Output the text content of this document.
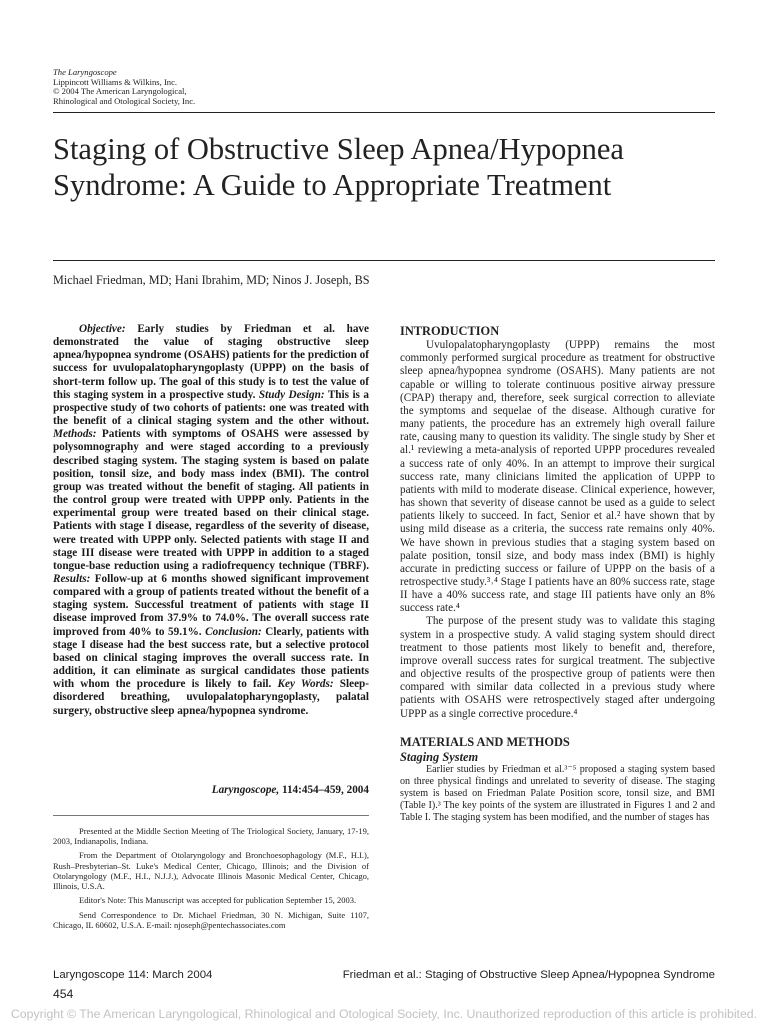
The Laryngoscope
Lippincott Williams & Wilkins, Inc.
© 2004 The American Laryngological,
Rhinological and Otological Society, Inc.
Staging of Obstructive Sleep Apnea/Hypopnea Syndrome: A Guide to Appropriate Treatment
Michael Friedman, MD; Hani Ibrahim, MD; Ninos J. Joseph, BS

Objective: Early studies by Friedman et al. have demonstrated the value of staging obstructive sleep apnea/hypopnea syndrome (OSAHS) patients for the prediction of success for uvulopalatopharyngoplasty (UPPP) on the basis of short-term follow up. The goal of this study is to test the value of this staging system in a prospective study. Study Design: This is a prospective study of two cohorts of patients: one was treated with the benefit of a clinical staging system and the other without. Methods: Patients with symptoms of OSAHS were assessed by polysomnography and were staged according to a previously described staging system. The staging system is based on palate position, tonsil size, and body mass index (BMI). The control group was treated without the benefit of staging. All patients in the control group were treated with UPPP only. Patients in the experimental group were treated based on their clinical stage. Patients with stage I disease, regardless of the severity of disease, were treated with UPPP only. Selected patients with stage II and stage III disease were treated with UPPP in addition to a staged tongue-base reduction using a radiofrequency technique (TBRF). Results: Follow-up at 6 months showed significant improvement compared with a group of patients treated without the benefit of a staging system. Successful treatment of patients with stage II disease improved from 37.9% to 74.0%. The overall success rate improved from 40% to 59.1%. Conclusion: Clearly, patients with stage I disease had the best success rate, but a selective protocol based on clinical staging improves the overall success rate. In addition, it can eliminate as surgical candidates those patients with whom the procedure is likely to fail. Key Words: Sleep-disordered breathing, uvulopalatopharyngoplasty, palatal surgery, obstructive sleep apnea/hypopnea syndrome.

Laryngoscope, 114:454–459, 2004

Presented at the Middle Section Meeting of The Triological Society, January, 17-19, 2003, Indianapolis, Indiana.

From the Department of Otolaryngology and Bronchoesophagology (M.F., H.I.), Rush–Presbyterian–St. Luke's Medical Center, Chicago, Illinois; and the Division of Otolaryngology (M.F., H.I., N.J.J.), Advocate Illinois Masonic Medical Center, Chicago, Illinois, U.S.A.

Editor's Note: This Manuscript was accepted for publication September 15, 2003.

Send Correspondence to Dr. Michael Friedman, 30 N. Michigan, Suite 1107, Chicago, IL 60602, U.S.A. E-mail: njoseph@pentechassociates.com

INTRODUCTION

Uvulopalatopharyngoplasty (UPPP) remains the most commonly performed surgical procedure as treatment for obstructive sleep apnea/hypopnea syndrome (OSAHS). Many patients are not capable or willing to tolerate continuous positive airway pressure (CPAP) therapy and, therefore, seek surgical correction to alleviate the symptoms and sequelae of the disease. Although curative for many patients, the procedure has an extremely high overall failure rate, causing many to question its validity. The single study by Sher et al.¹ reviewing a meta-analysis of reported UPPP procedures revealed a success rate of only 40%. In an attempt to improve their surgical success rate, many clinicians limited the application of UPPP to patients with mild to moderate disease. Clinical experience, however, has shown that severity of disease cannot be used as a guide to select patients likely to succeed. In fact, Senior et al.² have shown that by using mild disease as a criteria, the success rate remains only 40%. We have shown in previous studies that a staging system based on palate position, tonsil size, and body mass index (BMI) is highly accurate in predicting success or failure of UPPP on the basis of a retrospective study.³˒⁴ Stage I patients have an 80% success rate, stage II have a 40% success rate, and stage III patients have only an 8% success rate.⁴

The purpose of the present study was to validate this staging system in a prospective study. A valid staging system should direct treatment to those patients most likely to benefit and, therefore, improve overall success rates for surgical treatment. The subjective and objective results of the prospective group of patients were then compared with similar data collected in a previous study where patients with OSAHS were retrospectively staged after undergoing UPPP as a single corrective procedure.⁴

MATERIALS AND METHODS
Staging System

Earlier studies by Friedman et al.³⁻⁵ proposed a staging system based on three physical findings and unrelated to severity of disease. The staging system is based on Friedman Palate Position score, tonsil size, and BMI (Table I).³ The key points of the system are illustrated in Figures 1 and 2 and Table I. The staging system has been modified, and the number of stages has

Laryngoscope 114: March 2004	Friedman et al.: Staging of Obstructive Sleep Apnea/Hypopnea Syndrome
454
Copyright © The American Laryngological, Rhinological and Otological Society, Inc. Unauthorized reproduction of this article is prohibited.
